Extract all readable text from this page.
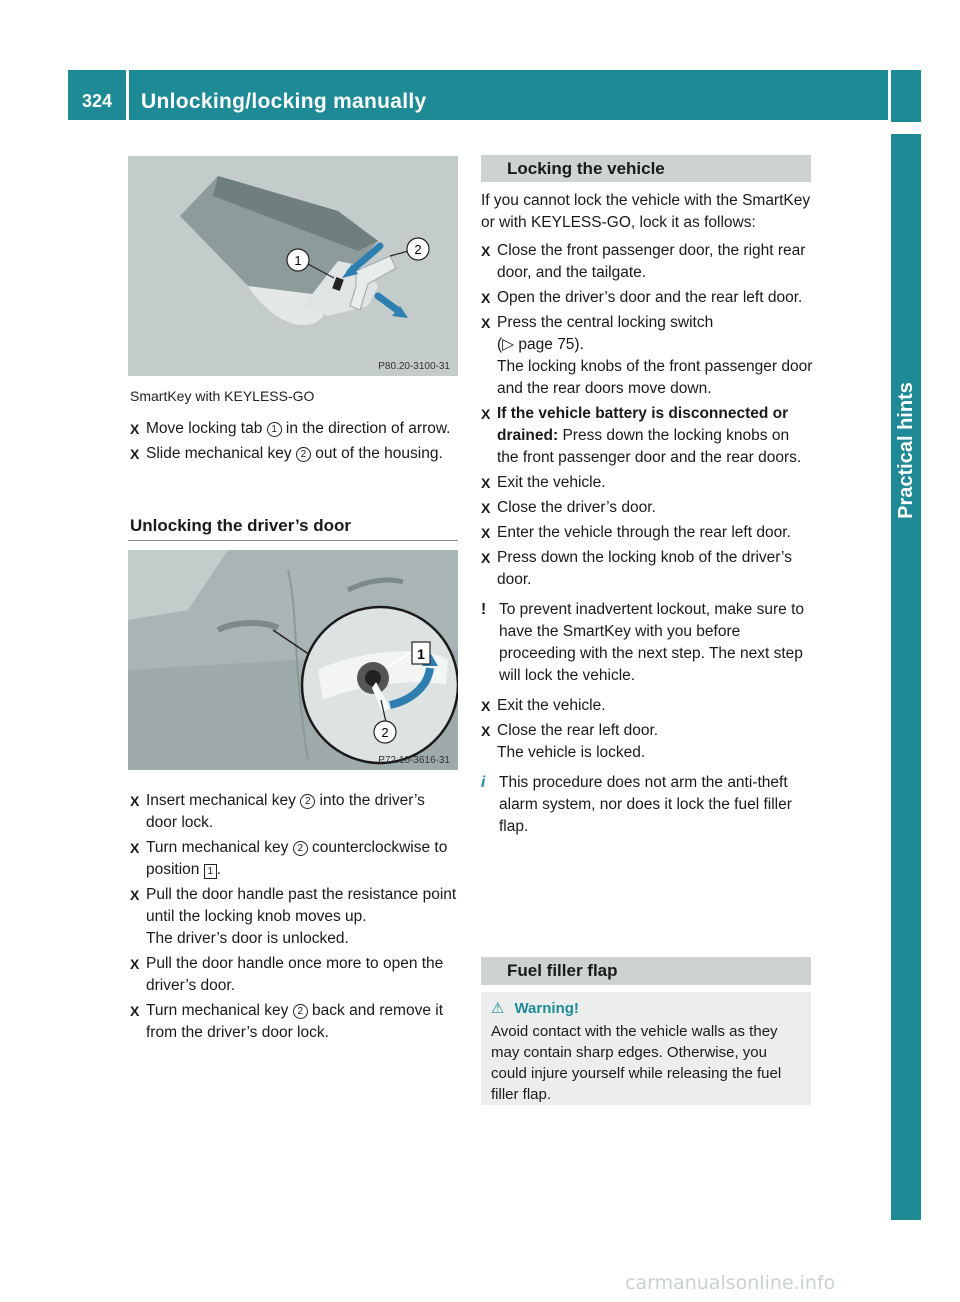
324	Unlocking/locking manually
Practical hints
1
2
P80.20-3100-31
SmartKey with KEYLESS-GO
X Move locking tab 1 in the direction of arrow.
X Slide mechanical key 2 out of the housing.
Unlocking the driver’s door
1
2
P72.10-3616-31
X Insert mechanical key 2 into the driver’s door lock.
X Turn mechanical key 2 counterclockwise to position 1 .
X Pull the door handle past the resistance point until the locking knob moves up.
The driver’s door is unlocked.
X Pull the door handle once more to open the driver’s door.
X Turn mechanical key 2 back and remove it from the driver’s door lock.
Locking the vehicle
If you cannot lock the vehicle with the SmartKey or with KEYLESS-GO, lock it as follows:
X Close the front passenger door, the right rear door, and the tailgate.
X Open the driver’s door and the rear left door.
X Press the central locking switch
(▷ page 75).
The locking knobs of the front passenger door and the rear doors move down.
X If the vehicle battery is disconnected or drained: Press down the locking knobs on the front passenger door and the rear doors.
X Exit the vehicle.
X Close the driver’s door.
X Enter the vehicle through the rear left door.
X Press down the locking knob of the driver’s door.
! To prevent inadvertent lockout, make sure to have the SmartKey with you before proceeding with the next step. The next step will lock the vehicle.
X Exit the vehicle.
X Close the rear left door.
The vehicle is locked.
i This procedure does not arm the anti-theft alarm system, nor does it lock the fuel filler flap.
Fuel filler flap
⚠ Warning!
Avoid contact with the vehicle walls as they may contain sharp edges. Otherwise, you could injure yourself while releasing the fuel filler flap.
carmanualsonline.info
